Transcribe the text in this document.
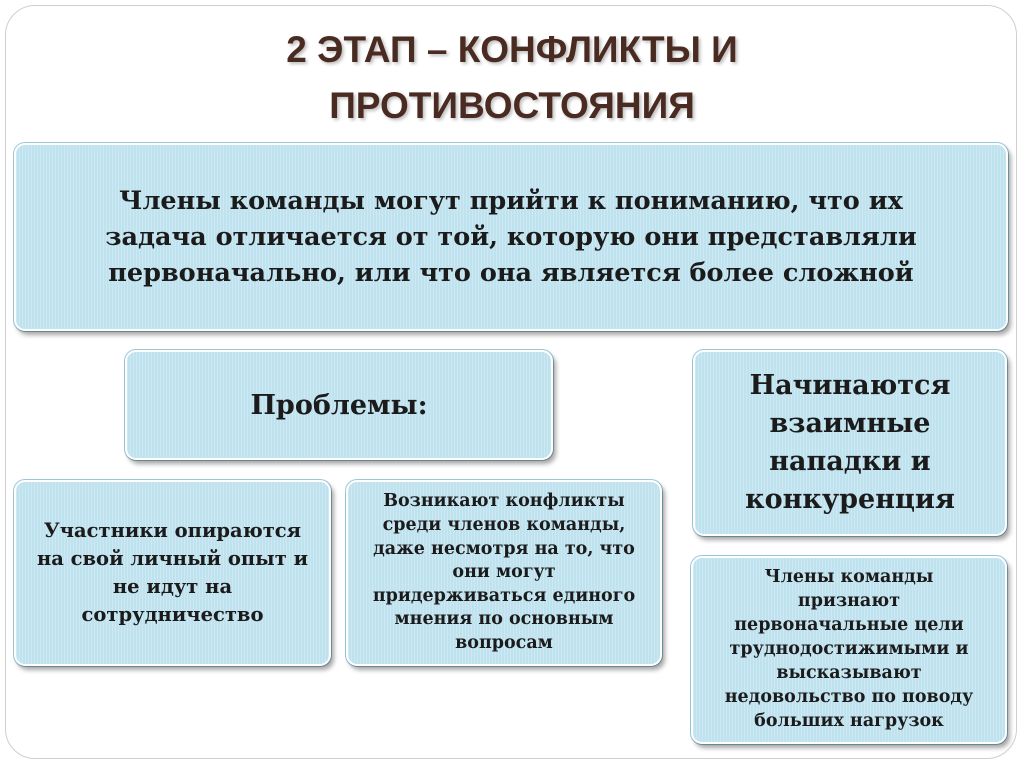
2 ЭТАП – КОНФЛИКТЫ И
ПРОТИВОСТОЯНИЯ
Члены команды могут прийти к пониманию, что их
задача отличается от той, которую они представляли
первоначально, или что она является более сложной
Проблемы:
Начинаются
взаимные
нападки и
конкуренция
Участники опираются
на свой личный опыт и
не идут на
сотрудничество
Возникают конфликты
среди членов команды,
даже несмотря на то, что
они могут
придерживаться единого
мнения по основным
вопросам
Члены команды
признают
первоначальные цели
труднодостижимыми и
высказывают
недовольство по поводу
больших нагрузок
